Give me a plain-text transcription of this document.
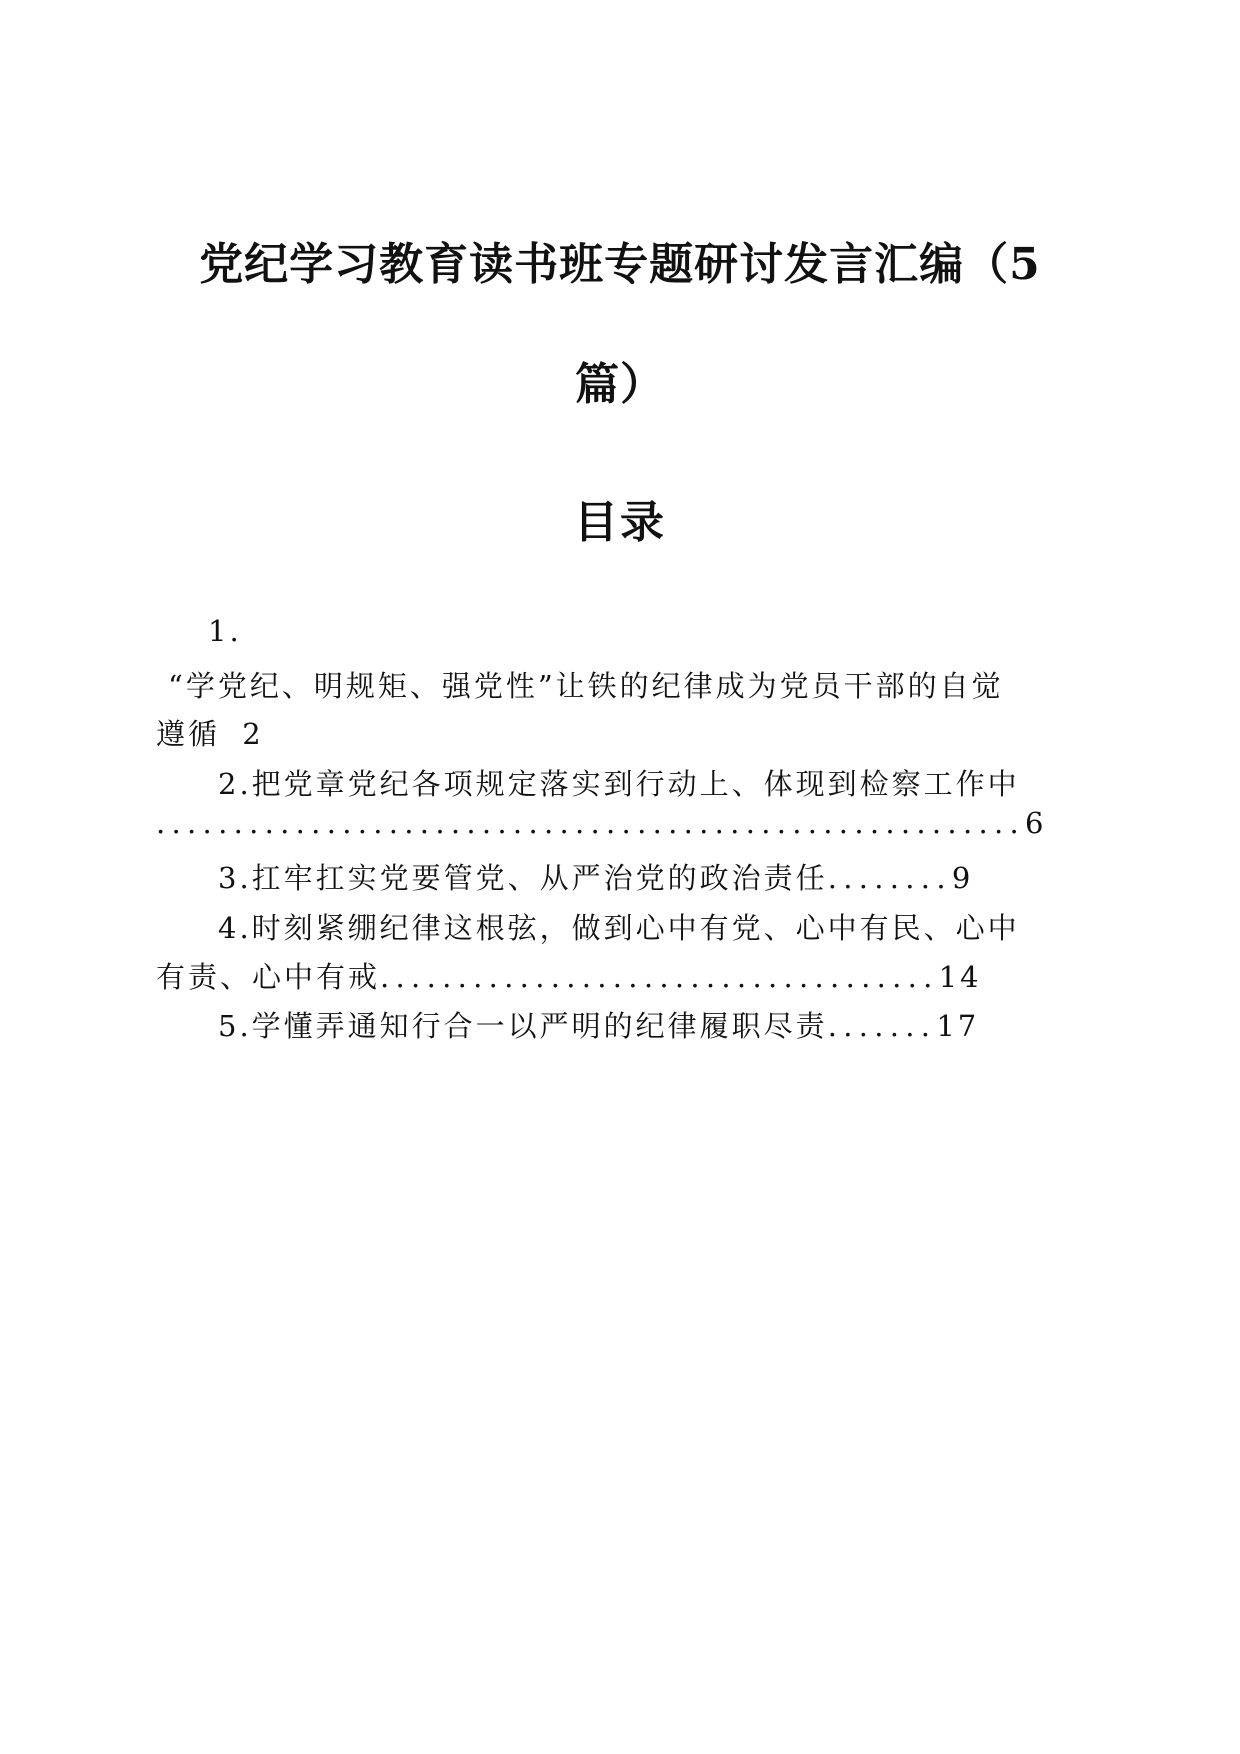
党纪学习教育读书班专题研讨发言汇编（5
篇）
目录
1.
“学党纪、明规矩、强党性”让铁的纪律成为党员干部的自觉
遵循 2
2.把党章党纪各项规定落实到行动上、体现到检察工作中
........................................................6
3.扛牢扛实党要管党、从严治党的政治责任........9
4.时刻紧绷纪律这根弦，做到心中有党、心中有民、心中
有责、心中有戒....................................14
5.学懂弄通知行合一以严明的纪律履职尽责.......17
